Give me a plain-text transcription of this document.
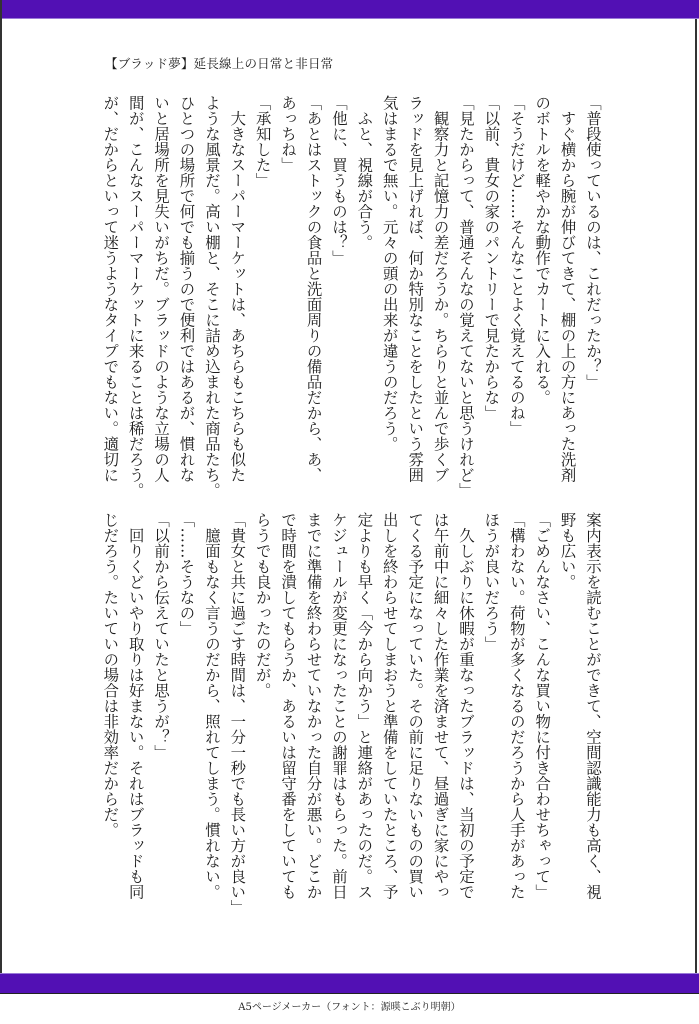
【ブラッド夢】延長線上の日常と非日常
「普段使っているのは、これだったか？」
　すぐ横から腕が伸びてきて、棚の上の方にあった洗剤
のボトルを軽やかな動作でカートに入れる。
「そうだけど……そんなことよく覚えてるのね」
「以前、貴女の家のパントリーで見たからな」
「見たからって、普通そんなの覚えてないと思うけれど」
　観察力と記憶力の差だろうか。ちらりと並んで歩くブ
ラッドを見上げれば、何か特別なことをしたという雰囲
気はまるで無い。元々の頭の出来が違うのだろう。
　ふと、視線が合う。
「他に、買うものは？」
「あとはストックの食品と洗面周りの備品だから、あ、
あっちね」
「承知した」
　大きなスーパーマーケットは、あちらもこちらも似た
ような風景だ。高い棚と、そこに詰め込まれた商品たち。
ひとつの場所で何でも揃うので便利ではあるが、慣れな
いと居場所を見失いがちだ。ブラッドのような立場の人
間が、こんなスーパーマーケットに来ることは稀だろう。
が、だからといって迷うようなタイプでもない。適切に
案内表示を読むことができて、空間認識能力も高く、視
野も広い。
「ごめんなさい、こんな買い物に付き合わせちゃって」
「構わない。荷物が多くなるのだろうから人手があった
ほうが良いだろう」
　久しぶりに休暇が重なったブラッドは、当初の予定で
は午前中に細々した作業を済ませて、昼過ぎに家にやっ
てくる予定になっていた。その前に足りないものの買い
出しを終わらせてしまおうと準備をしていたところ、予
定よりも早く「今から向かう」と連絡があったのだ。ス
ケジュールが変更になったことの謝罪はもらった。前日
までに準備を終わらせていなかった自分が悪い。どこか
で時間を潰してもらうか、あるいは留守番をしていても
らうでも良かったのだが。
「貴女と共に過ごす時間は、一分一秒でも長い方が良い」
　臆面もなく言うのだから、照れてしまう。慣れない。
「……そうなの」
「以前から伝えていたと思うが？」
　回りくどいやり取りは好まない。それはブラッドも同
じだろう。たいていの場合は非効率だからだ。
A5ページメーカー（フォント：源暎こぶり明朝）
